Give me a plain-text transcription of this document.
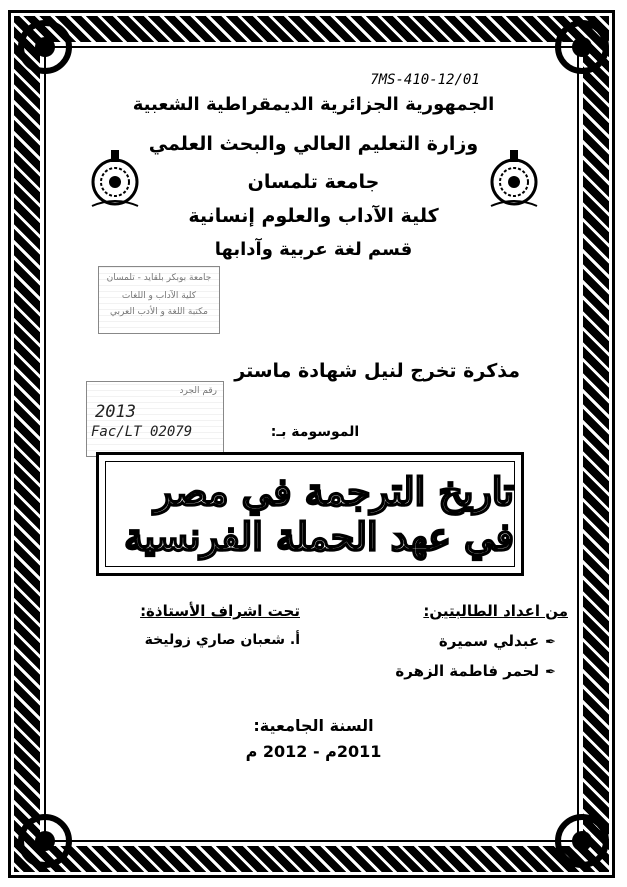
7MS-410-12/01
الجمهورية الجزائرية الديمقراطية الشعبية
وزارة التعليم العالي والبحث العلمي
جامعة تلمسان
كلية الآداب والعلوم إنسانية
قسم لغة عربية وآدابها
جامعة بوبكر بلقايد - تلمسان
كلية الآداب و اللغات
مكتبة اللغة و الأدب العربي
مذكرة تخرج لنيل شهادة ماستر
رقم الجرد
2013
Fac/LT 02079	الموسومة بـ:
تاريخ الترجمة في مصر في عهد الحملة الفرنسية
من اعداد الطالبتين:
✒عبدلي سميرة
✒لحمر فاطمة الزهرة
تحت اشراف الأستاذة:
أ. شعبان صاري زوليخة
السنة الجامعية:
2011م - 2012 م
